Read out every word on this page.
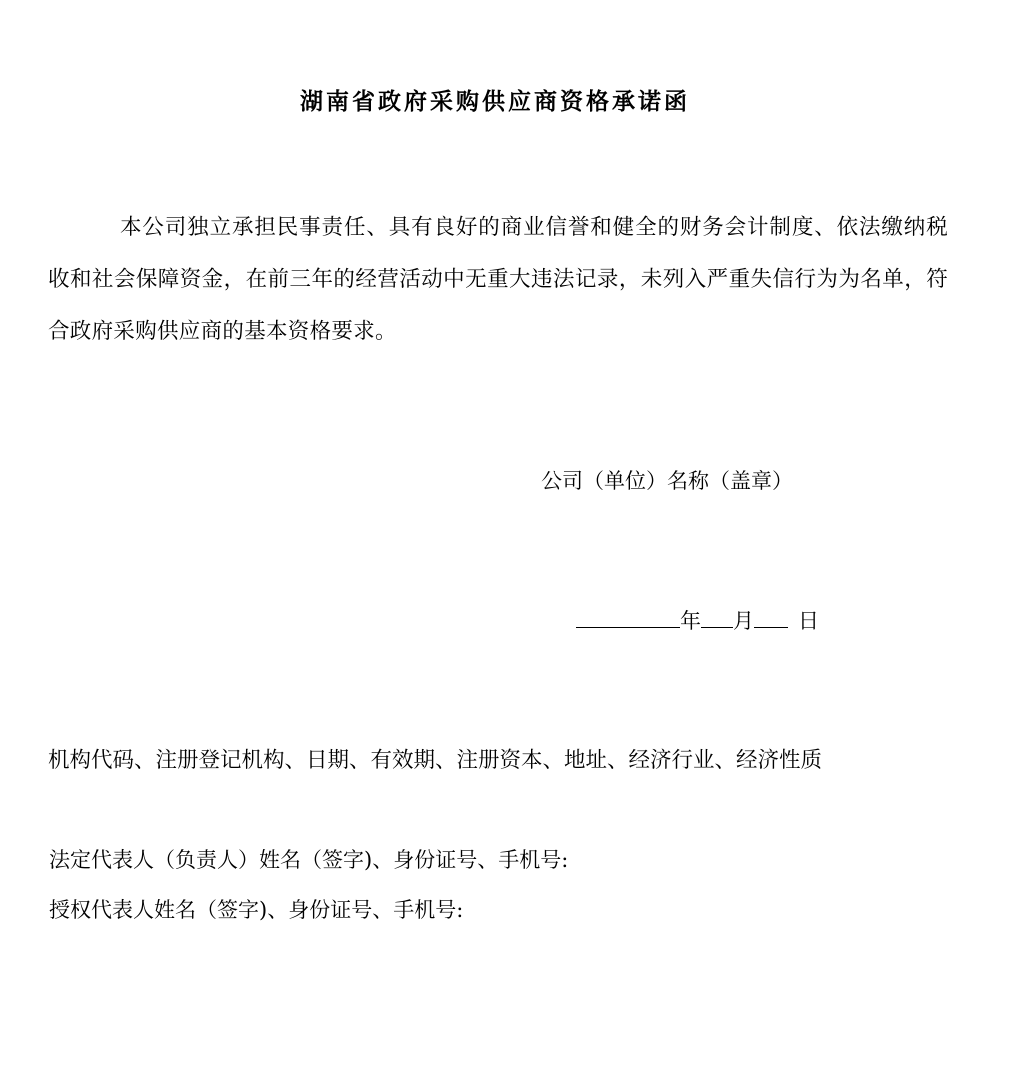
湖南省政府采购供应商资格承诺函
本公司独立承担民事责任、具有良好的商业信誉和健全的财务会计制度、依法缴纳税收和社会保障资金，在前三年的经营活动中无重大违法记录，未列入严重失信行为为名单，符合政府采购供应商的基本资格要求。
公司（单位）名称（盖章）
年 月 日
机构代码、注册登记机构、日期、有效期、注册资本、地址、经济行业、经济性质
法定代表人（负责人）姓名（签字)、身份证号、手机号:
授权代表人姓名（签字)、身份证号、手机号:
